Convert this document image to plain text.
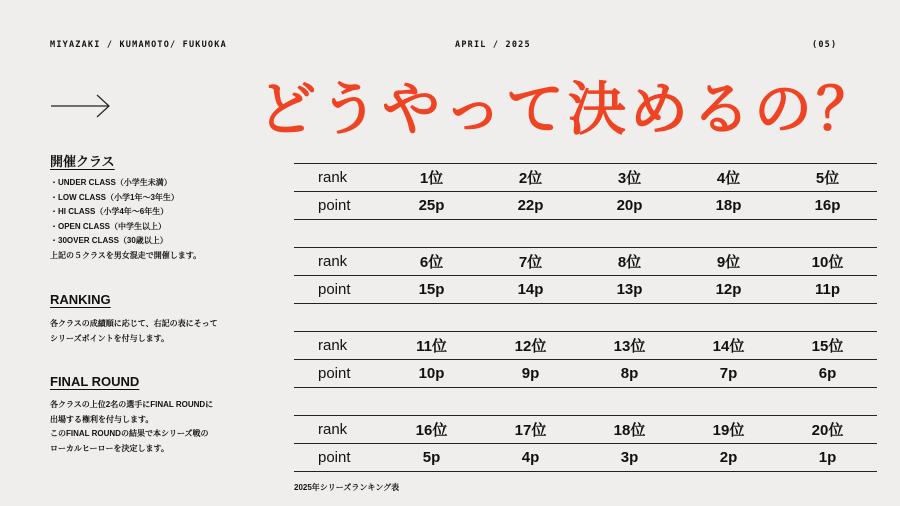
MIYAZAKI / KUMAMOTO/ FUKUOKA	APRIL / 2025	(05)
どうやって決めるの？
開催クラス
・UNDER CLASS（小学生未満）
・LOW CLASS（小学1年〜3年生）
・HI CLASS（小学4年〜6年生）
・OPEN CLASS（中学生以上）
・30OVER CLASS（30歳以上）
上記の５クラスを男女混走で開催します。
RANKING
各クラスの成績順に応じて、右記の表にそって
シリーズポイントを付与します。
FINAL ROUND
各クラスの上位2名の選手にFINAL ROUNDに
出場する権利を付与します。
このFINAL ROUNDの結果で本シリーズ戦の
ローカルヒーローを決定します。
rank	1位	2位	3位	4位	5位
point	25p	22p	20p	18p	16p

rank	6位	7位	8位	9位	10位
point	15p	14p	13p	12p	11p

rank	11位	12位	13位	14位	15位
point	10p	9p	8p	7p	6p

rank	16位	17位	18位	19位	20位
point	5p	4p	3p	2p	1p
2025年シリーズランキング表
